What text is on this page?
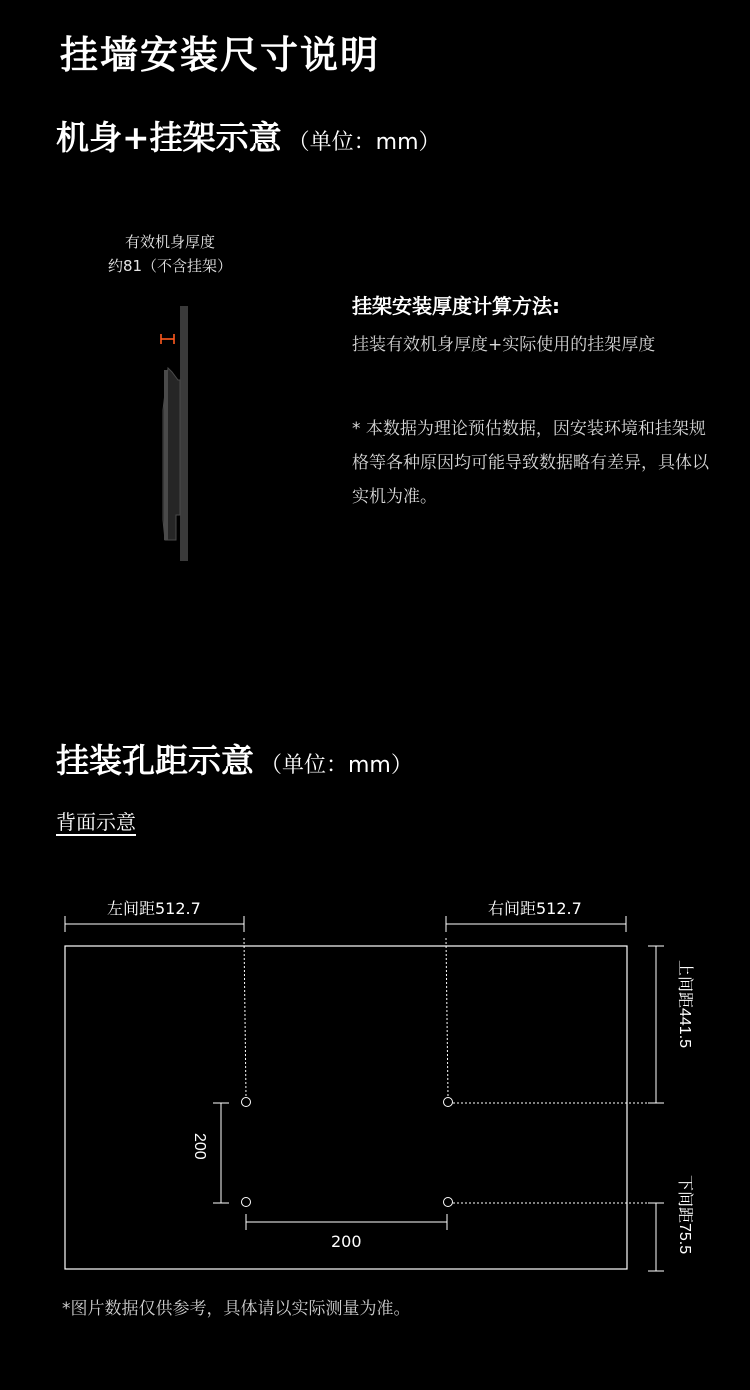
挂墙安装尺寸说明
机身+挂架示意 （单位：mm）
有效机身厚度
约81（不含挂架）
上间距441.5
下间距75.5
200
挂架安装厚度计算方法:
挂装有效机身厚度+实际使用的挂架厚度
* 本数据为理论预估数据，因安装环境和挂架规格等各种原因均可能导致数据略有差异，具体以实机为准。
挂装孔距示意 （单位：mm）
背面示意
左间距512.7	右间距512.7
200
*图片数据仅供参考，具体请以实际测量为准。
